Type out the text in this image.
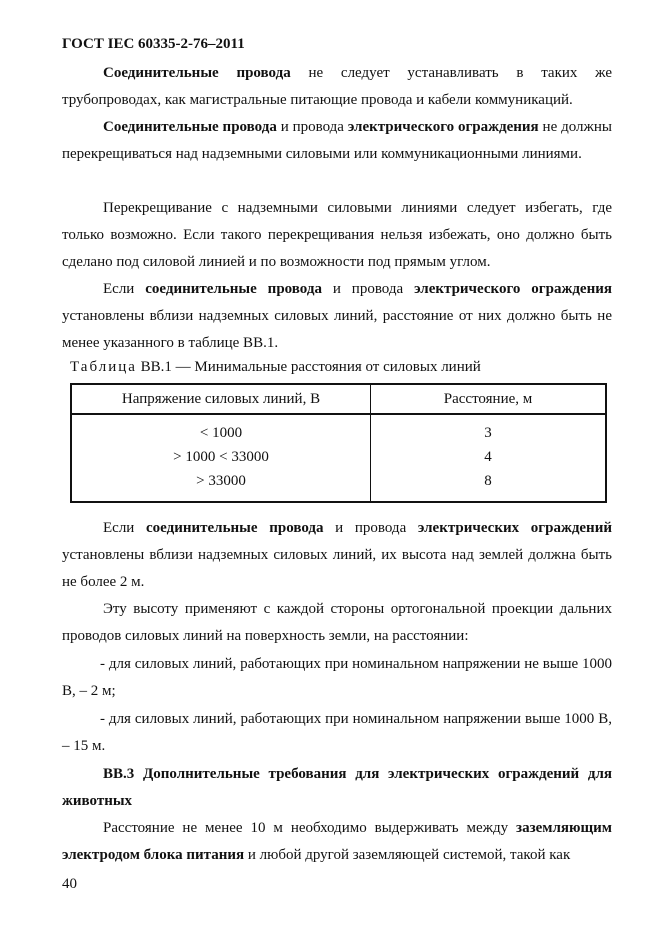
ГОСТ IEC 60335-2-76–2011

Соединительные провода не следует устанавливать в таких же трубопроводах, как магистральные питающие провода и кабели коммуникаций.

Соединительные провода и провода электрического ограждения не должны перекрещиваться над надземными силовыми или коммуникационными линиями.

Перекрещивание с надземными силовыми линиями следует избегать, где только возможно. Если такого перекрещивания нельзя избежать, оно должно быть сделано под силовой линией и по возможности под прямым углом.

Если соединительные провода и провода электрического ограждения установлены вблизи надземных силовых линий, расстояние от них должно быть не менее указанного в таблице ВВ.1.

Таблица ВВ.1 — Минимальные расстояния от силовых линий
Напряжение силовых линий, В	Расстояние, м
< 1000	3
> 1000 < 33000	4
> 33000	8

Если соединительные провода и провода электрических ограждений установлены вблизи надземных силовых линий, их высота над землей должна быть не более 2 м.

Эту высоту применяют с каждой стороны ортогональной проекции дальних проводов силовых линий на поверхность земли, на расстоянии:

- для силовых линий, работающих при номинальном напряжении не выше 1000 В, – 2 м;

- для силовых линий, работающих при номинальном напряжении выше 1000 В, – 15 м.

ВВ.3 Дополнительные требования для электрических ограждений для животных

Расстояние не менее 10 м необходимо выдерживать между заземляющим электродом блока питания и любой другой заземляющей системой, такой как

40
